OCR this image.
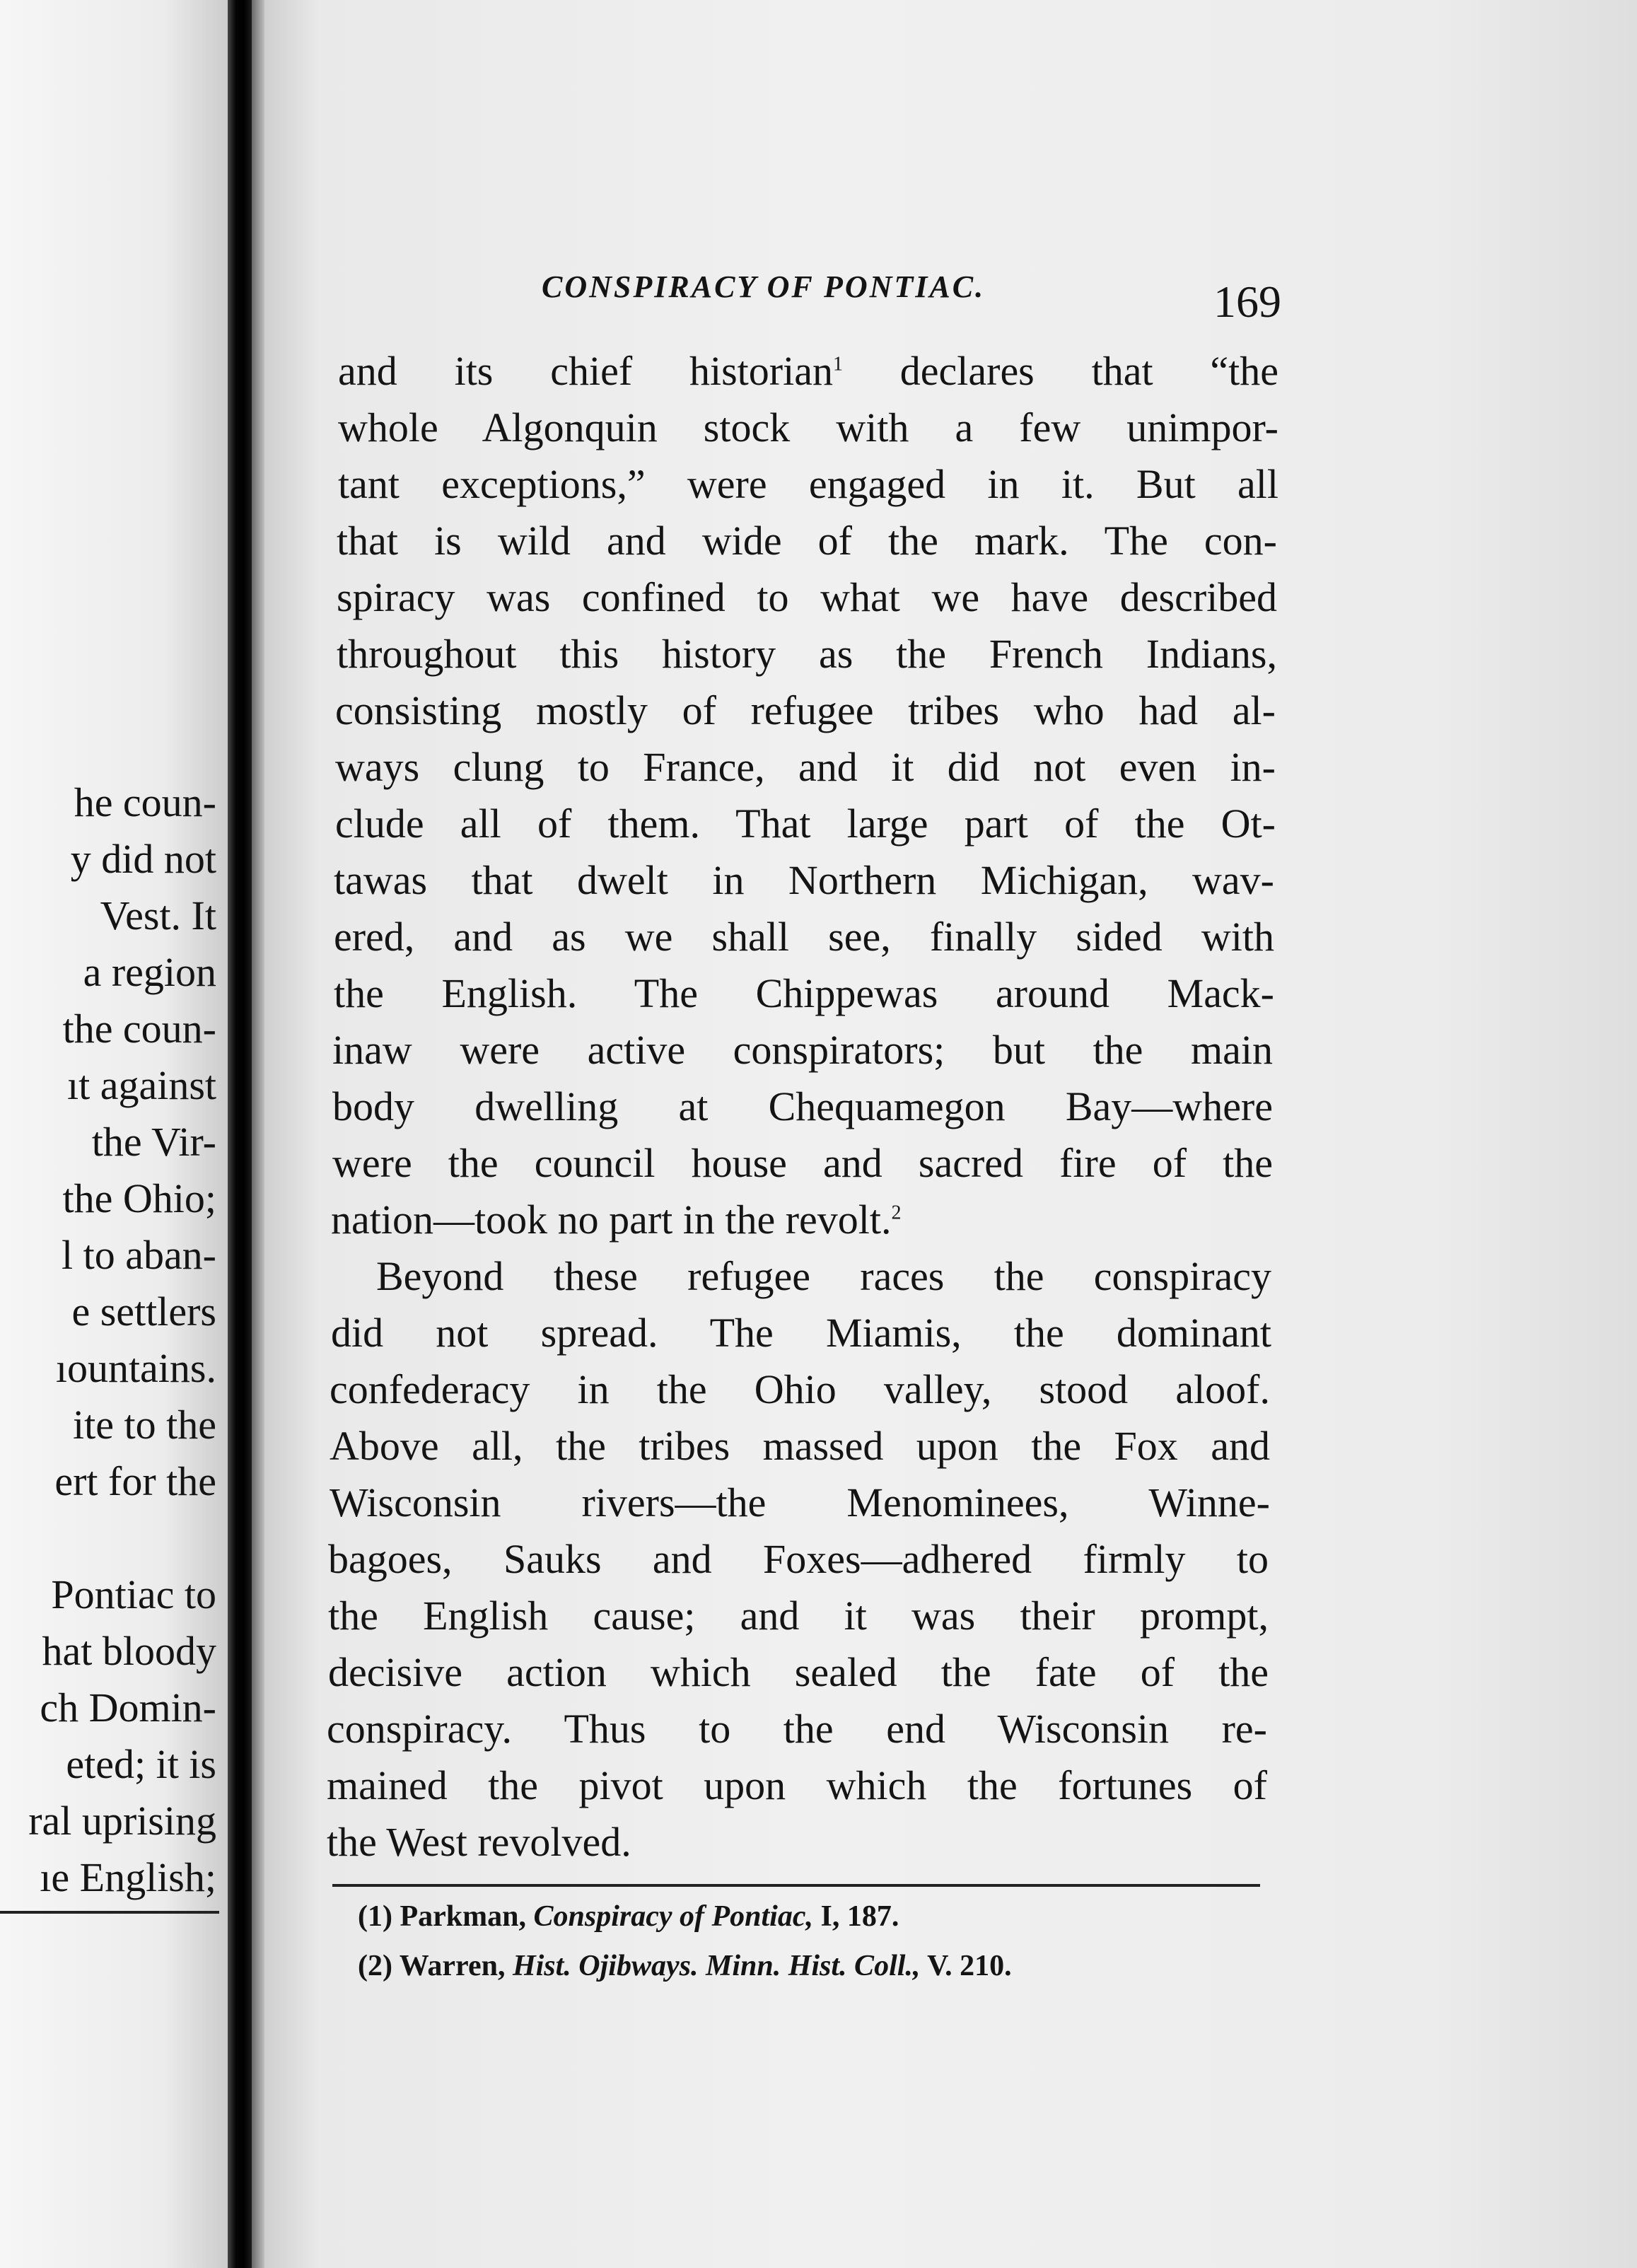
he coun-
y did not
Vest. It
a region
the coun-
ıt against
the Vir-
the Ohio;
l to aban-
e settlers
ıountains.
ite to the
ert for the
Pontiac to
hat bloody
ch Domin-
eted; it is
ral uprising
ıe English;
CONSPIRACY OF PONTIAC.	169
and its chief historian$^1$ declares that “the
whole Algonquin stock with a few unimpor-
tant exceptions,” were engaged in it. But all
that is wild and wide of the mark. The con-
spiracy was confined to what we have described
throughout this history as the French Indians,
consisting mostly of refugee tribes who had al-
ways clung to France, and it did not even in-
clude all of them. That large part of the Ot-
tawas that dwelt in Northern Michigan, wav-
ered, and as we shall see, finally sided with
the English. The Chippewas around Mack-
inaw were active conspirators; but the main
body dwelling at Chequamegon Bay—where
were the council house and sacred fire of the
nation—took no part in the revolt.$^2$
Beyond these refugee races the conspiracy
did not spread. The Miamis, the dominant
confederacy in the Ohio valley, stood aloof.
Above all, the tribes massed upon the Fox and
Wisconsin rivers—the Menominees, Winne-
bagoes, Sauks and Foxes—adhered firmly to
the English cause; and it was their prompt,
decisive action which sealed the fate of the
conspiracy. Thus to the end Wisconsin re-
mained the pivot upon which the fortunes of
the West revolved.
(1) Parkman, Conspiracy of Pontiac, I, 187.
(2) Warren, Hist. Ojibways. Minn. Hist. Coll., V. 210.
